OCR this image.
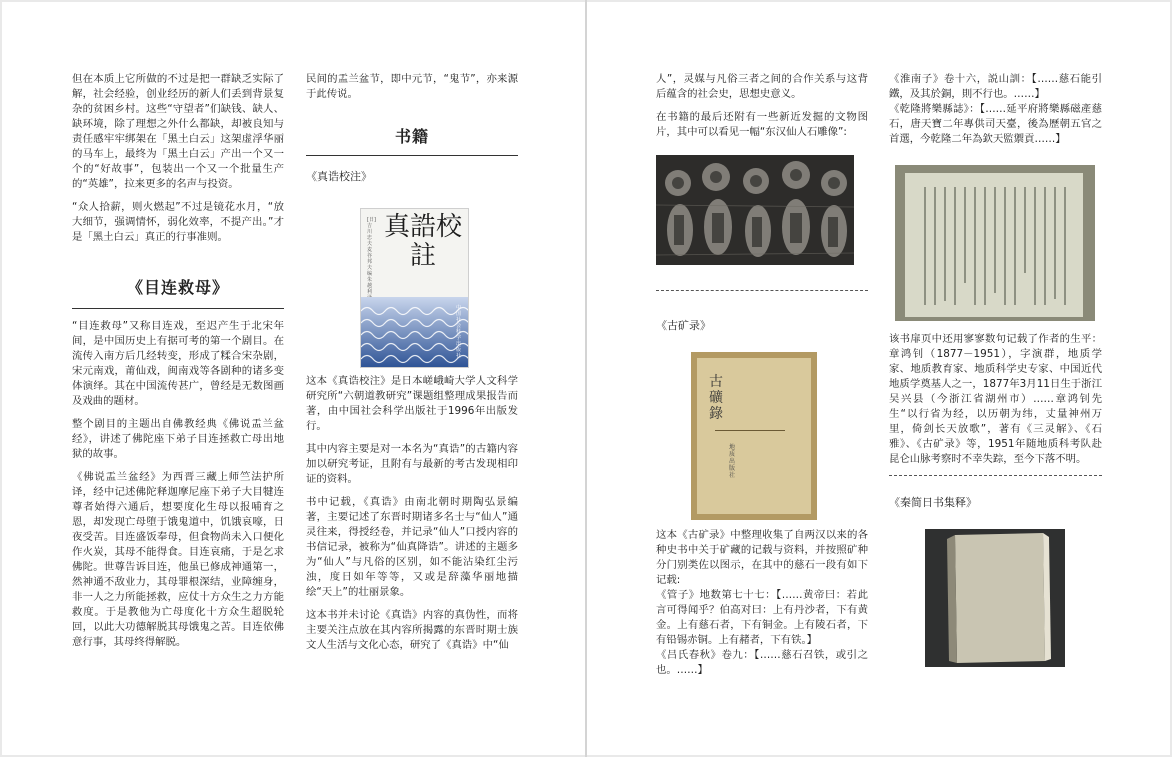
但在本质上它所做的不过是把一群缺乏实际了解，社会经验，创业经历的新人们丢到背景复杂的贫困乡村。这些“守望者”们缺钱、缺人、缺环境，除了理想之外什么都缺，却被良知与责任感牢牢绑架在「黑土白云」这架虚浮华丽的马车上，最终为「黑土白云」产出一个又一个的“好故事”，包装出一个又一个批量生产的“英雄”，拉来更多的名声与投资。

“众人拾薪，则火燃起”不过是镜花水月，“放大细节，强调情怀，弱化效率，不提产出。”才是「黑土白云」真正的行事准则。

《目连救母》

“目连救母”又称目连戏，至迟产生于北宋年间，是中国历史上有据可考的第一个剧目。在流传入南方后几经转变，形成了糅合宋杂剧，宋元南戏，莆仙戏，闽南戏等各剧种的诸多变体演绎。其在中国流传甚广，曾经是无数图画及戏曲的题材。

整个剧目的主题出自佛教经典《佛说盂兰盆经》，讲述了佛陀座下弟子目连拯救亡母出地狱的故事。

《佛说盂兰盆经》为西晋三藏上师竺法护所译，经中记述佛陀释迦摩尼座下弟子大目犍连尊者始得六通后，想要度化生母以报哺育之恩，却发现亡母堕于饿鬼道中，饥饿哀嚎，日夜受苦。目连盛饭奉母，但食物尚未入口便化作火炭，其母不能得食。目连哀痛，于是乞求佛陀。世尊告诉目连，他虽已修成神通第一，然神通不敌业力，其母罪根深结，业障缠身，非一人之力所能拯救，应仗十方众生之力方能救度。于是教他为亡母度化十方众生超脱轮回，以此大功德解脱其母饿鬼之苦。目连依佛意行事，其母终得解脱。

民间的盂兰盆节，即中元节，“鬼节”，亦来源于此传说。

书籍
《真诰校注》

这本《真诰校注》是日本嵯峨崎大学人文科学研究所“六朝道教研究”课题组整理成果报告而著，由中国社会科学出版社于1996年出版发行。

其中内容主要是对一本名为“真诰”的古籍内容加以研究考证，且附有与最新的考古发现相印证的资料。

书中记载，《真诰》由南北朝时期陶弘景编著，主要记述了东晋时期诸多名士与“仙人”通灵往来，得授经卷，并记录“仙人”口授内容的书信记录，被称为“仙真降诰”。讲述的主题多为“仙人”与凡俗的区别，如不能沾染红尘污浊，度日如年等等，又或是辞藻华丽地描绘“天上”的壮丽景象。

这本书并未讨论《真诰》内容的真伪性，而将主要关注点放在其内容所揭露的东晋时期士族文人生活与文化心态，研究了《真诰》中“仙

[日]吉川忠夫 麦谷邦夫 编 朱越利
真誥校註
中国社会科学出版社

人”，灵媒与凡俗三者之间的合作关系与这背后蕴含的社会史，思想史意义。

在书籍的最后还附有一些新近发掘的文物图片，其中可以看见一幅“东汉仙人石雕像”:

《古矿录》

这本《古矿录》中整理收集了自两汉以来的各种史书中关于矿藏的记载与资料，并按照矿种分门别类佐以图示，在其中的慈石一段有如下记载:

《管子》地数第七十七：【……黄帝曰：若此言可得闻乎？伯高对曰：上有丹沙者，下有黄金。上有慈石者，下有铜金。上有陵石者，下有铅锡赤铜。上有赭者，下有铁。】

《吕氏春秋》卷九：【……慈石召铁，或引之也。……】

古礦錄
地质出版社

《淮南子》卷十六，説山訓：【……慈石能引鐵，及其於銅，則不行也。……】

《乾隆將樂縣誌》：【……延平府將樂縣磁產慈石，唐天寶二年專供司天臺，後為歷朝五官之首選，今乾隆二年為欽天監禦貢……】

该书扉页中还用寥寥数句记载了作者的生平：章鸿钊（1877－1951），字演群，地质学家、地质教育家、地质科学史专家、中国近代地质学奠基人之一，1877年3月11日生于浙江吴兴县（今浙江省湖州市）……章鸿钊先生“以行省为经，以历朝为纬，丈量神州万里，倚剑长天放歌”，著有《三灵解》、《石雅》、《古矿录》等，1951年随地质科考队赴昆仑山脉考察时不幸失踪，至今下落不明。

《秦简日书集释》
